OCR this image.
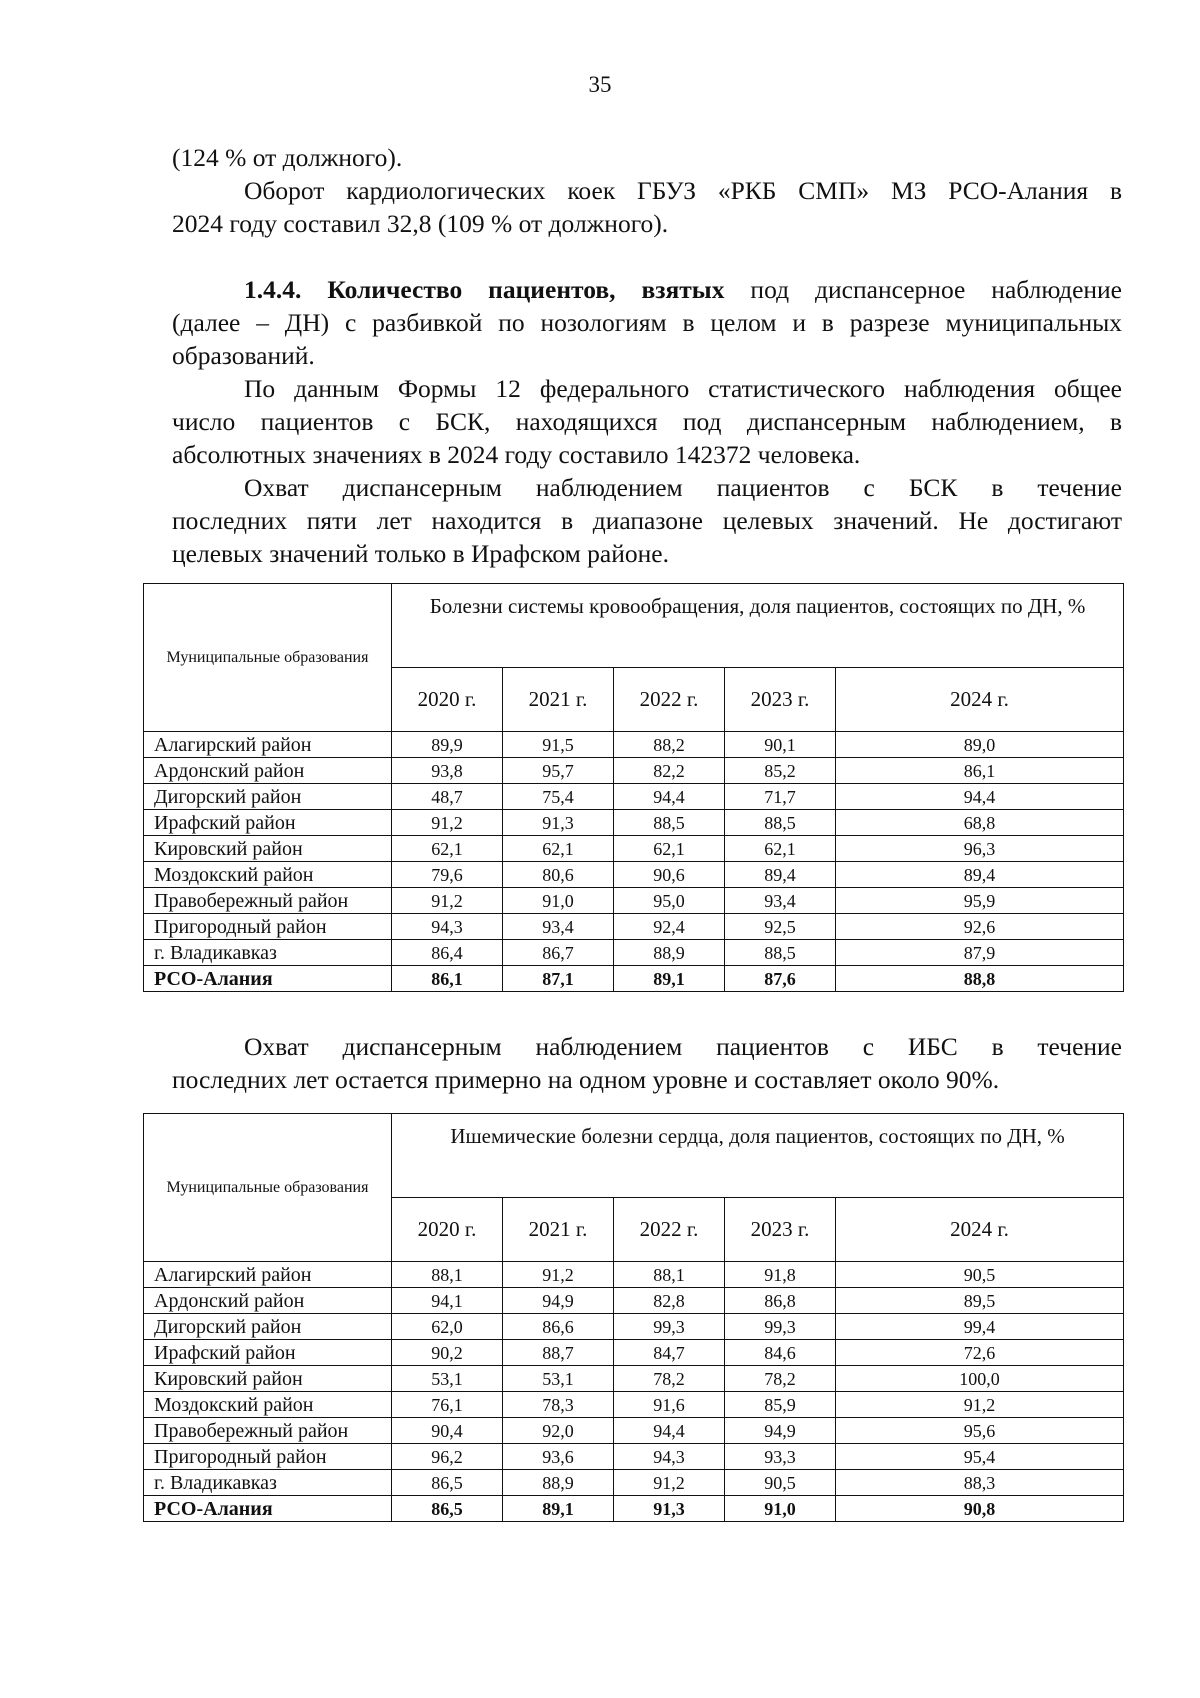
35
(124 % от должного).
Оборот кардиологических коек ГБУЗ «РКБ СМП» МЗ РСО-Алания в
2024 году составил 32,8 (109 % от должного).
1.4.4. Количество пациентов, взятых под диспансерное наблюдение
(далее – ДН) с разбивкой по нозологиям в целом и в разрезе муниципальных
образований.
По данным Формы 12 федерального статистического наблюдения общее
число пациентов с БСК, находящихся под диспансерным наблюдением, в
абсолютных значениях в 2024 году составило 142372 человека.
Охват диспансерным наблюдением пациентов с БСК в течение
последних пяти лет находится в диапазоне целевых значений. Не достигают
целевых значений только в Ирафском районе.
Муниципальные образования	Болезни системы кровообращения, доля пациентов, состоящих по ДН, %				
	2020 г.	2021 г.	2022 г.	2023 г.	2024 г.
Алагирский район	89,9	91,5	88,2	90,1	89,0
Ардонский район	93,8	95,7	82,2	85,2	86,1
Дигорский район	48,7	75,4	94,4	71,7	94,4
Ирафский район	91,2	91,3	88,5	88,5	68,8
Кировский район	62,1	62,1	62,1	62,1	96,3
Моздокский район	79,6	80,6	90,6	89,4	89,4
Правобережный район	91,2	91,0	95,0	93,4	95,9
Пригородный район	94,3	93,4	92,4	92,5	92,6
г. Владикавказ	86,4	86,7	88,9	88,5	87,9
РСО-Алания	86,1	87,1	89,1	87,6	88,8
Охват диспансерным наблюдением пациентов с ИБС в течение
последних лет остается примерно на одном уровне и составляет около 90%.
Муниципальные образования	Ишемические болезни сердца, доля пациентов, состоящих по ДН, %				
	2020 г.	2021 г.	2022 г.	2023 г.	2024 г.
Алагирский район	88,1	91,2	88,1	91,8	90,5
Ардонский район	94,1	94,9	82,8	86,8	89,5
Дигорский район	62,0	86,6	99,3	99,3	99,4
Ирафский район	90,2	88,7	84,7	84,6	72,6
Кировский район	53,1	53,1	78,2	78,2	100,0
Моздокский район	76,1	78,3	91,6	85,9	91,2
Правобережный район	90,4	92,0	94,4	94,9	95,6
Пригородный район	96,2	93,6	94,3	93,3	95,4
г. Владикавказ	86,5	88,9	91,2	90,5	88,3
РСО-Алания	86,5	89,1	91,3	91,0	90,8
